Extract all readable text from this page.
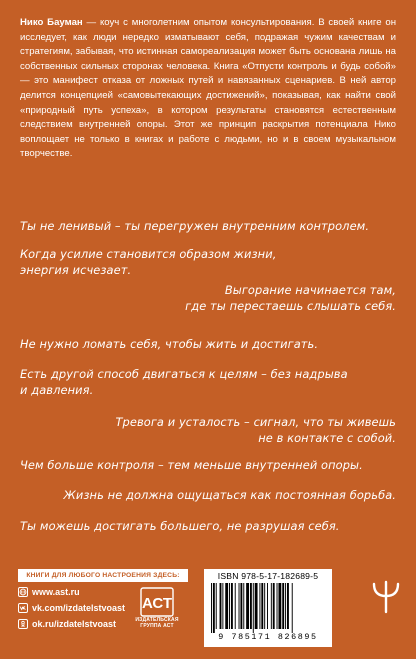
Нико Бауман — коуч с многолетним опытом консультирования. В своей книге он исследует, как люди нередко изматывают себя, подражая чужим качествам и стратегиям, забывая, что истинная самореализация может быть основана лишь на собственных сильных сторонах человека. Книга «Отпусти контроль и будь собой» — это манифест отказа от ложных путей и навязанных сценариев. В ней автор делится концепцией «самовытекающих достижений», показывая, как найти свой «природный путь успеха», в котором результаты становятся естественным следствием внутренней опоры. Этот же принцип раскрытия потенциала Нико воплощает не только в книгах и работе с людьми, но и в своем музыкальном творчестве.
Ты не ленивый – ты перегружен внутренним контролем.
Когда усилие становится образом жизни,
энергия исчезает.
Выгорание начинается там,
где ты перестаешь слышать себя.
Не нужно ломать себя, чтобы жить и достигать.
Есть другой способ двигаться к целям – без надрыва
и давления.
Тревога и усталость – сигнал, что ты живешь
не в контакте с собой.
Чем больше контроля – тем меньше внутренней опоры.
Жизнь не должна ощущаться как постоянная борьба.
Ты можешь достигать большего, не разрушая себя.
КНИГИ ДЛЯ ЛЮБОГО НАСТРОЕНИЯ ЗДЕСЬ:
www.ast.ru
vk.com/izdatelstvoast
ok.ru/izdatelstvoast
АСТ
ИЗДАТЕЛЬСКАЯ ГРУППА АСТ
ISBN 978-5-17-182689-5
9 785171 826895
